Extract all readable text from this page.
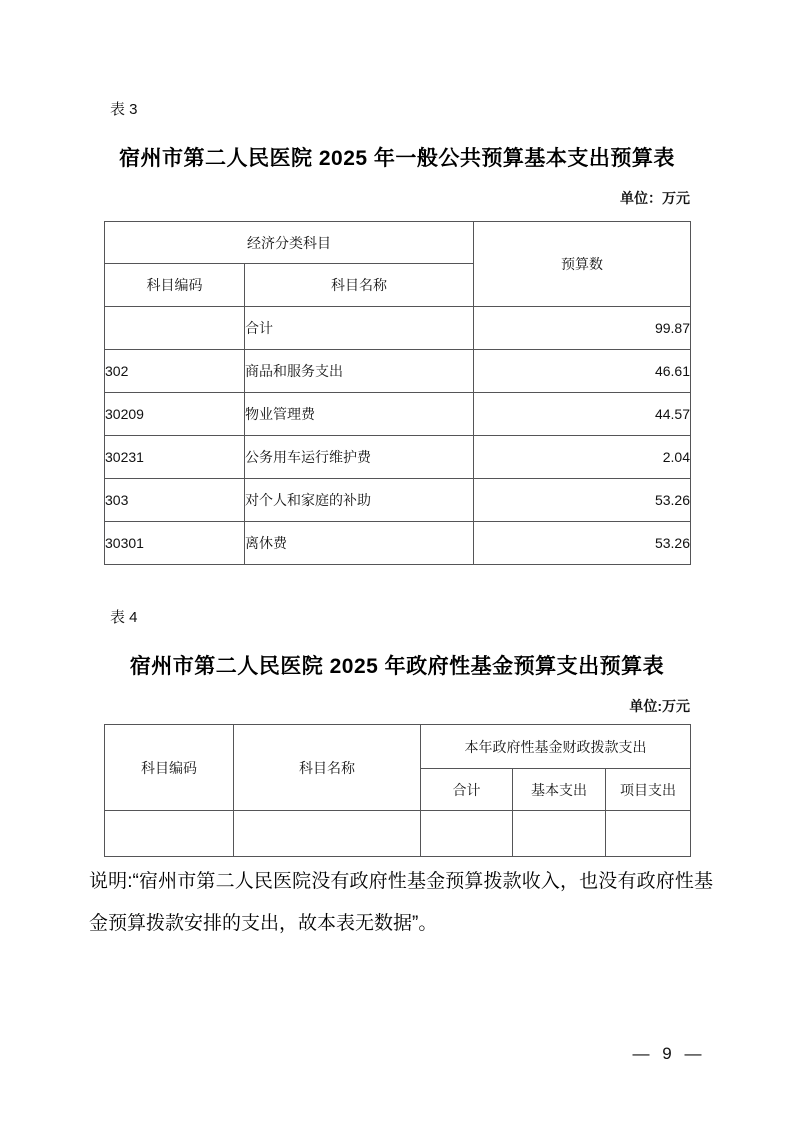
表 3
宿州市第二人民医院 2025 年一般公共预算基本支出预算表
单位：万元
经济分类科目		预算数
科目编码	科目名称	
	合计	99.87
302	商品和服务支出	46.61
30209	物业管理费	44.57
30231	公务用车运行维护费	2.04
303	对个人和家庭的补助	53.26
30301	离休费	53.26
表 4
宿州市第二人民医院 2025 年政府性基金预算支出预算表
单位:万元
科目编码	科目名称	本年政府性基金财政拨款支出		
		合计	基本支出	项目支出

说明:“宿州市第二人民医院没有政府性基金预算拨款收入，也没有政府性基金预算拨款安排的支出，故本表无数据”。
— 9 —
